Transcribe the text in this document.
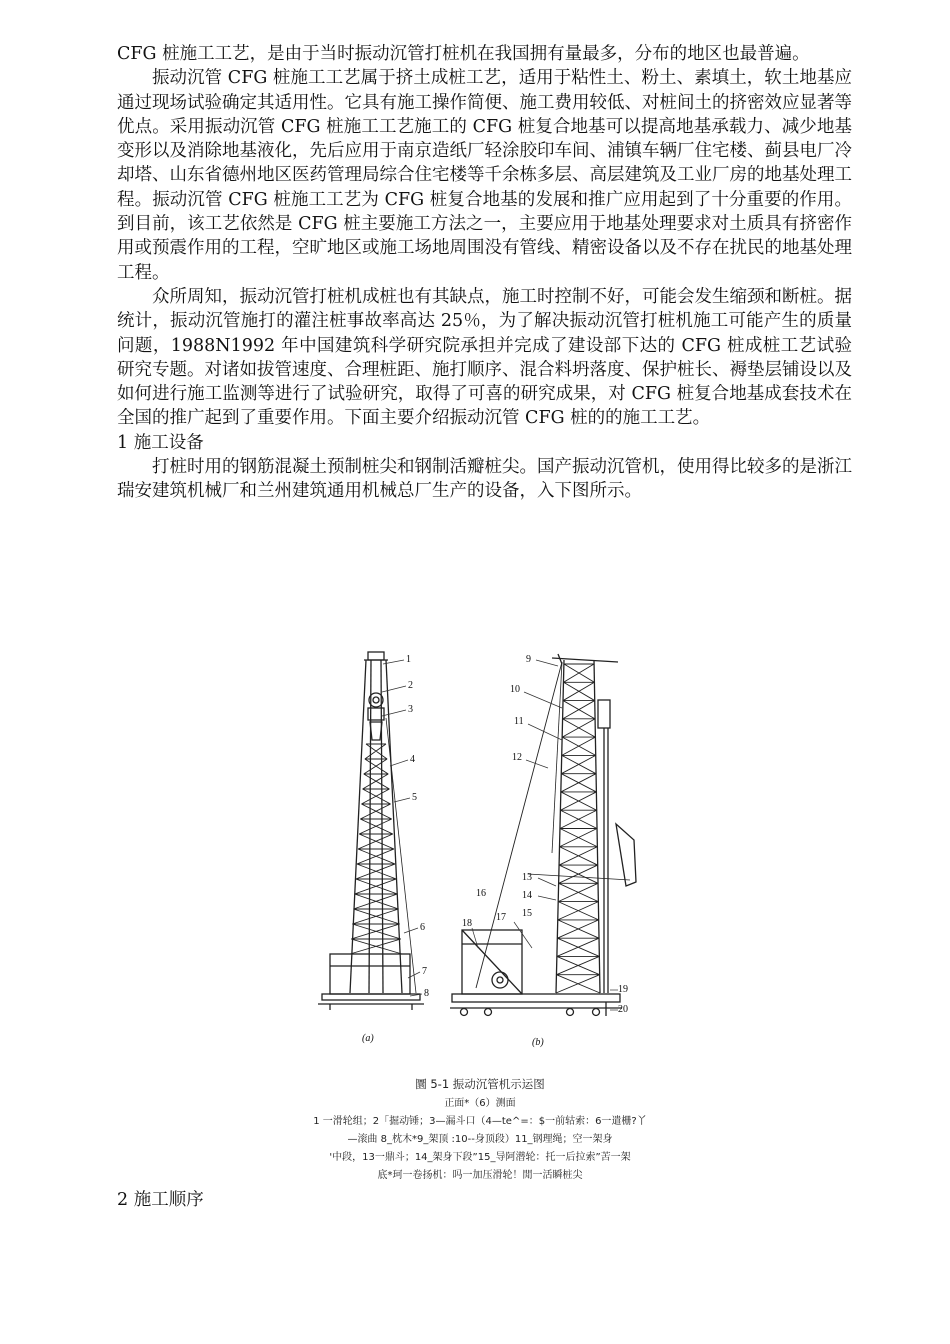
CFG 桩施工工艺，是由于当时振动沉管打桩机在我国拥有量最多，分布的地区也最普遍。

振动沉管 CFG 桩施工工艺属于挤土成桩工艺，适用于粘性土、粉土、素填土，软土地基应通过现场试验确定其适用性。它具有施工操作简便、施工费用较低、对桩间土的挤密效应显著等优点。采用振动沉管 CFG 桩施工工艺施工的 CFG 桩复合地基可以提高地基承载力、减少地基变形以及消除地基液化，先后应用于南京造纸厂轻涂胶印车间、浦镇车辆厂住宅楼、蓟县电厂冷却塔、山东省德州地区医药管理局综合住宅楼等千余栋多层、高层建筑及工业厂房的地基处理工程。振动沉管 CFG 桩施工工艺为 CFG 桩复合地基的发展和推广应用起到了十分重要的作用。到目前，该工艺依然是 CFG 桩主要施工方法之一，主要应用于地基处理要求对土质具有挤密作用或预震作用的工程，空旷地区或施工场地周围没有管线、精密设备以及不存在扰民的地基处理工程。

众所周知，振动沉管打桩机成桩也有其缺点，施工时控制不好，可能会发生缩颈和断桩。据统计，振动沉管施打的灌注桩事故率高达 25％，为了解决振动沉管打桩机施工可能产生的质量问题，1988N1992 年中国建筑科学研究院承担并完成了建设部下达的 CFG 桩成桩工艺试验研究专题。对诸如拔管速度、合理桩距、施打顺序、混合料坍落度、保护桩长、褥垫层铺设以及如何进行施工监测等进行了试验研究，取得了可喜的研究成果，对 CFG 桩复合地基成套技术在全国的推广起到了重要作用。下面主要介绍振动沉管 CFG 桩的的施工工艺。

1 施工设备

打桩时用的钢筋混凝土预制桩尖和钢制活瓣桩尖。国产振动沉管机，使用得比较多的是浙江瑞安建筑机械厂和兰州建筑通用机械总厂生产的设备，入下图所示。

1
2
3
4
5
6
7
8
(a)
9
10
11
12
13
14
15
16
17
18
19
20
(b)
圜 5-1 振动沉管机示运图
正面*（6）测面
1 一滑轮组；2「掘动锤；3—漏斗口（4—te^=：$一前轱索：6一遣栅?丫
—滚曲 8_枕木*9_架顶 :10--身顶段）11_钢理绳；空一架身
'中段，13一鼎斗；14_架身下段”15_导阿潜轮：托一后拉索”苦一架
底*珂一卷扬机：吗一加压滑轮！閒一活瞬桩尖
2 施工顺序
